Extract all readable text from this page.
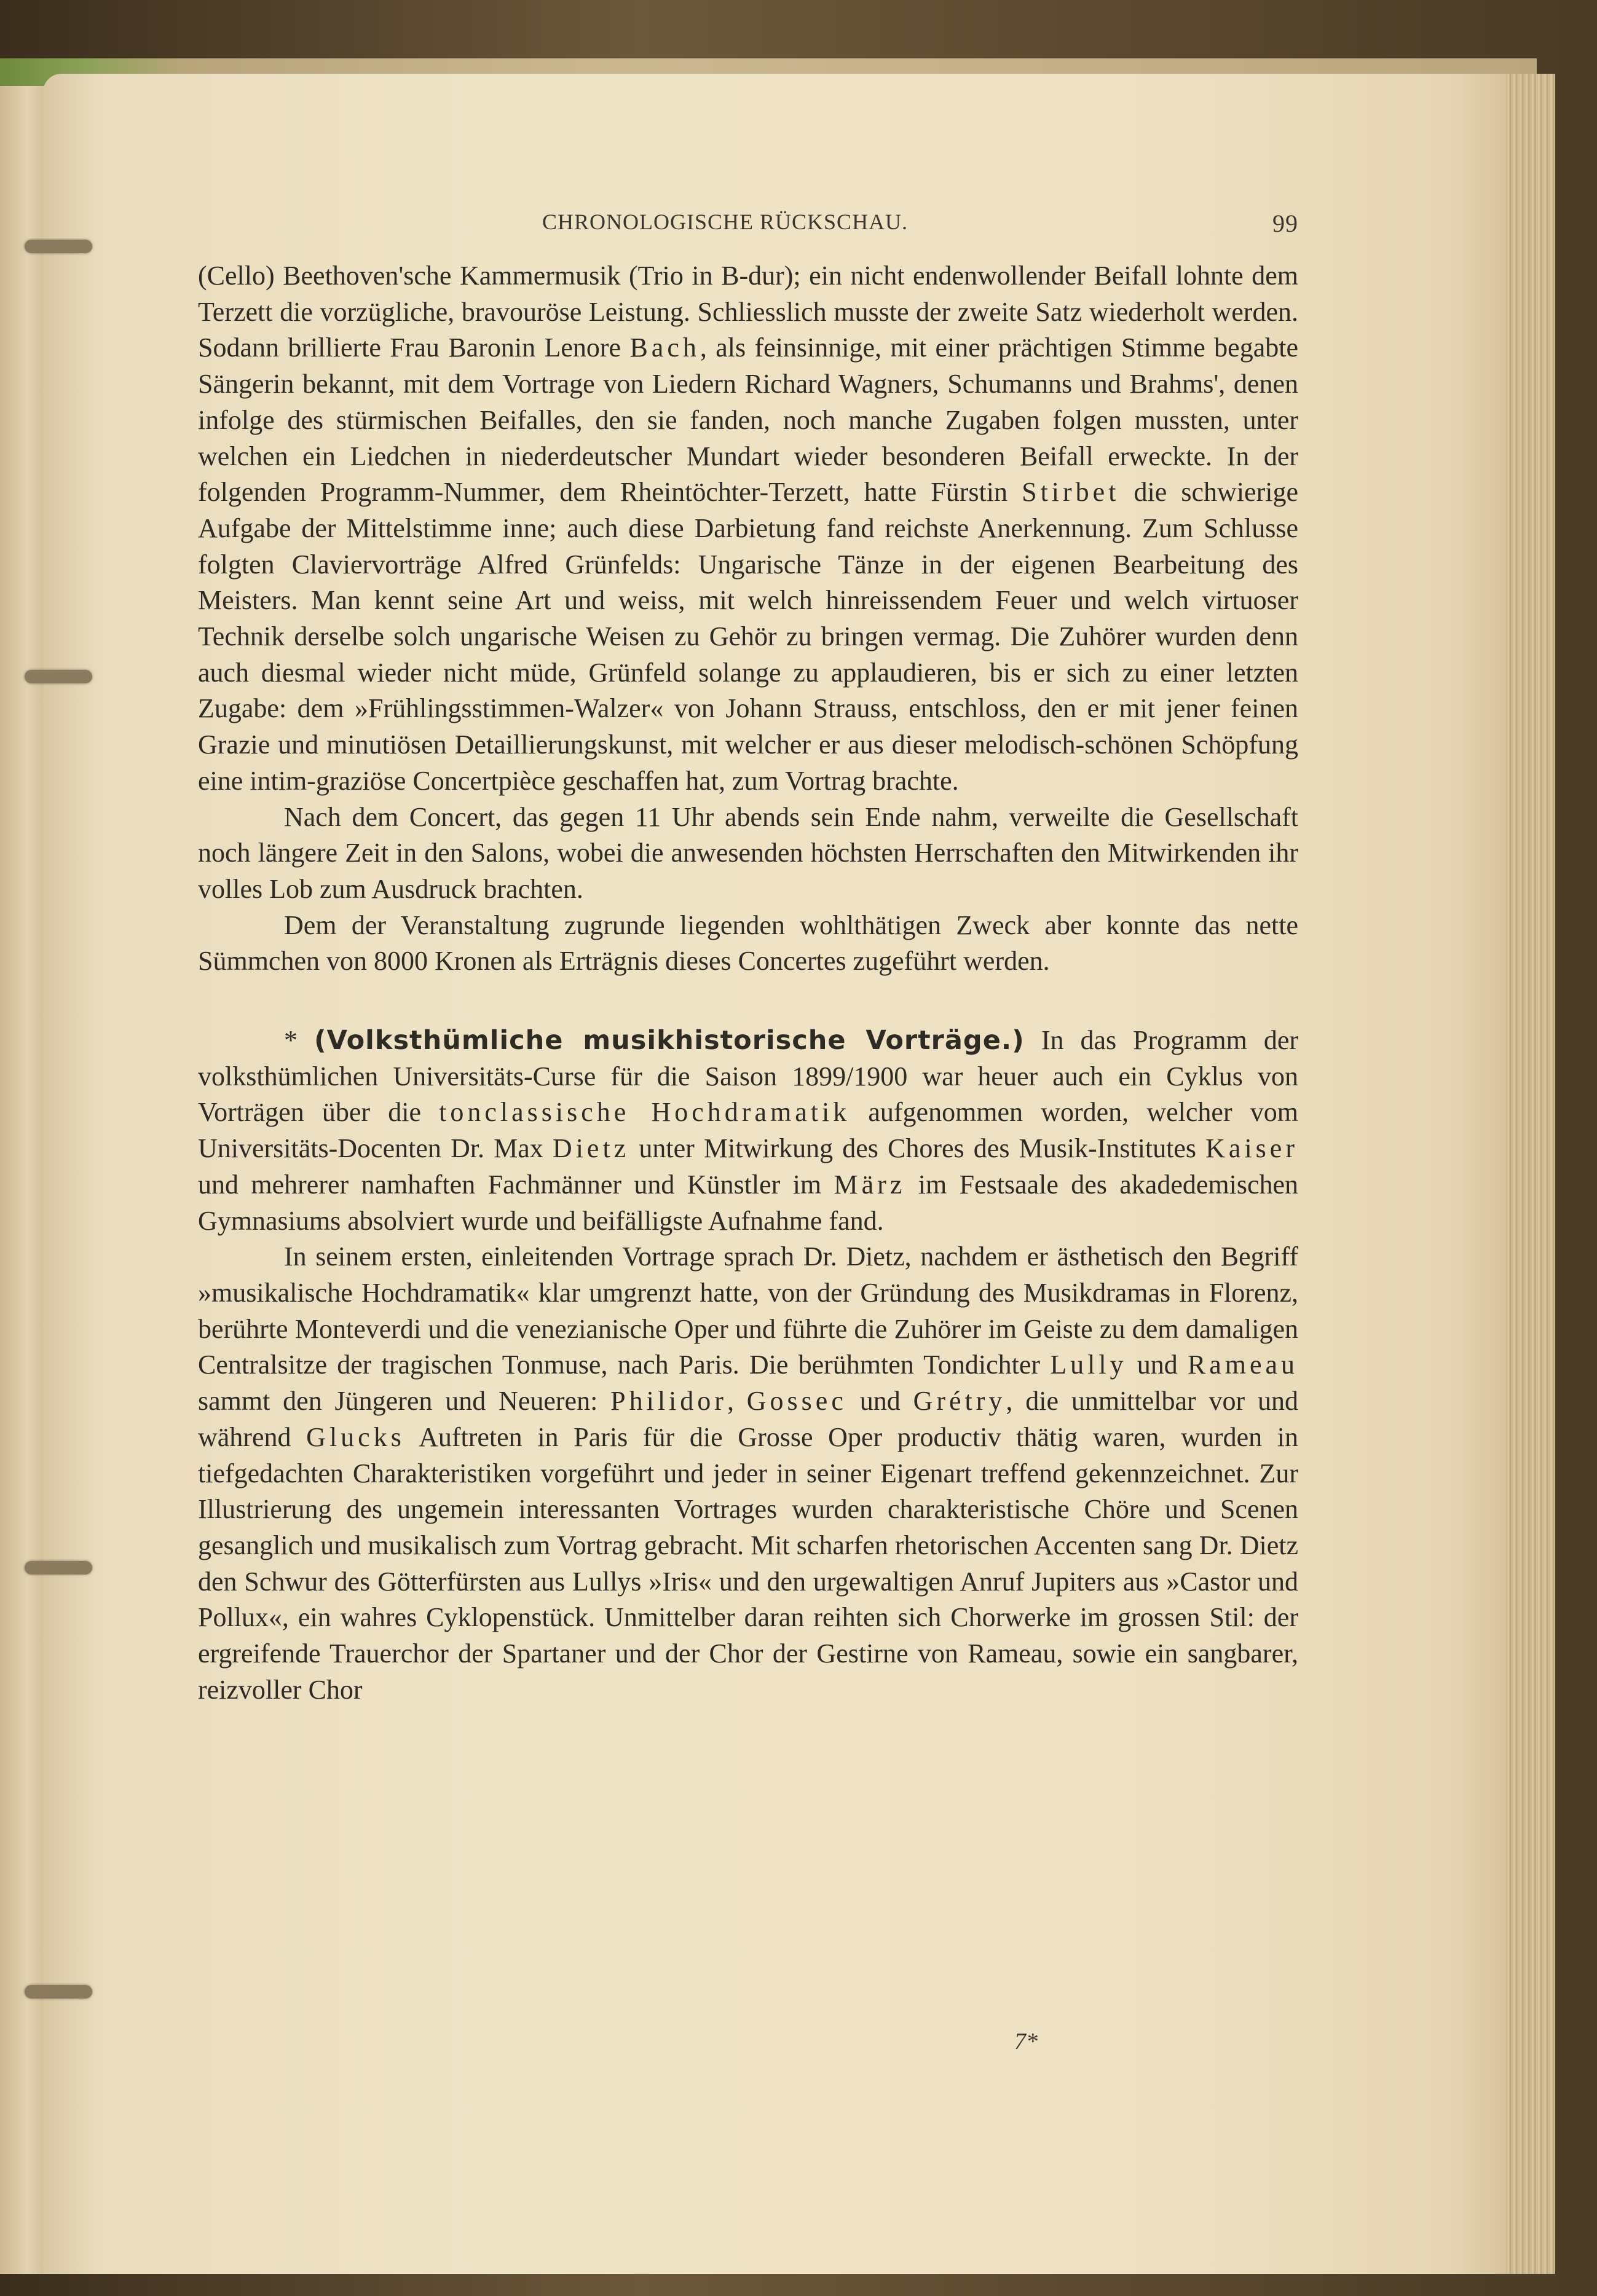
CHRONOLOGISCHE RÜCKSCHAU.	99

(Cello) Beethoven'sche Kammermusik (Trio in B-dur); ein nicht endenwollender Beifall lohnte dem Terzett die vorzügliche, bravouröse Leistung. Schliesslich musste der zweite Satz wiederholt werden. Sodann brillierte Frau Baronin Lenore Bach, als feinsinnige, mit einer prächtigen Stimme begabte Sängerin bekannt, mit dem Vortrage von Liedern Richard Wagners, Schumanns und Brahms', denen infolge des stürmischen Beifalles, den sie fanden, noch manche Zugaben folgen mussten, unter welchen ein Liedchen in niederdeutscher Mundart wieder besonderen Beifall erweckte. In der folgenden Programm-Nummer, dem Rheintöchter-Terzett, hatte Fürstin Stirbet die schwierige Aufgabe der Mittelstimme inne; auch diese Darbietung fand reichste Anerkennung. Zum Schlusse folgten Claviervorträge Alfred Grünfelds: Ungarische Tänze in der eigenen Bearbeitung des Meisters. Man kennt seine Art und weiss, mit welch hinreissendem Feuer und welch virtuoser Technik derselbe solch ungarische Weisen zu Gehör zu bringen vermag. Die Zuhörer wurden denn auch diesmal wieder nicht müde, Grünfeld solange zu applaudieren, bis er sich zu einer letzten Zugabe: dem »Frühlingsstimmen-Walzer« von Johann Strauss, entschloss, den er mit jener feinen Grazie und minutiösen Detaillierungskunst, mit welcher er aus dieser melodisch-schönen Schöpfung eine intim-graziöse Concertpièce geschaffen hat, zum Vortrag brachte.

Nach dem Concert, das gegen 11 Uhr abends sein Ende nahm, verweilte die Gesellschaft noch längere Zeit in den Salons, wobei die anwesenden höchsten Herrschaften den Mitwirkenden ihr volles Lob zum Ausdruck brachten.

Dem der Veranstaltung zugrunde liegenden wohlthätigen Zweck aber konnte das nette Sümmchen von 8000 Kronen als Erträgnis dieses Concertes zugeführt werden.

* (Volksthümliche musikhistorische Vorträge.) In das Programm der volksthümlichen Universitäts-Curse für die Saison 1899/1900 war heuer auch ein Cyklus von Vorträgen über die tonclassische Hochdramatik aufgenommen worden, welcher vom Universitäts-Docenten Dr. Max Dietz unter Mitwirkung des Chores des Musik-Institutes Kaiser und mehrerer namhaften Fachmänner und Künstler im März im Festsaale des akadedemischen Gymnasiums absolviert wurde und beifälligste Aufnahme fand.

In seinem ersten, einleitenden Vortrage sprach Dr. Dietz, nachdem er ästhetisch den Begriff »musikalische Hochdramatik« klar umgrenzt hatte, von der Gründung des Musikdramas in Florenz, berührte Monteverdi und die venezianische Oper und führte die Zuhörer im Geiste zu dem damaligen Centralsitze der tragischen Tonmuse, nach Paris. Die berühmten Tondichter Lully und Rameau sammt den Jüngeren und Neueren: Philidor, Gossec und Grétry, die unmittelbar vor und während Glucks Auftreten in Paris für die Grosse Oper productiv thätig waren, wurden in tiefgedachten Charakteristiken vorgeführt und jeder in seiner Eigenart treffend gekennzeichnet. Zur Illustrierung des ungemein interessanten Vortrages wurden charakteristische Chöre und Scenen gesanglich und musikalisch zum Vortrag gebracht. Mit scharfen rhetorischen Accenten sang Dr. Dietz den Schwur des Götterfürsten aus Lullys »Iris« und den urgewaltigen Anruf Jupiters aus »Castor und Pollux«, ein wahres Cyklopenstück. Unmittelber daran reihten sich Chorwerke im grossen Stil: der ergreifende Trauerchor der Spartaner und der Chor der Gestirne von Rameau, sowie ein sangbarer, reizvoller Chor

7*
